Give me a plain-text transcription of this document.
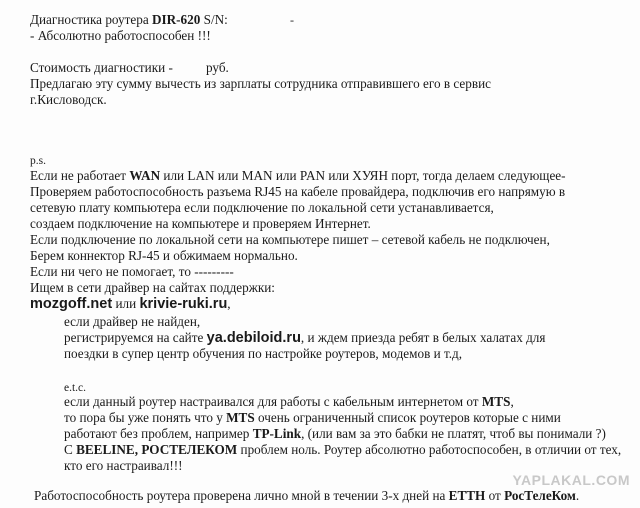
Диагностика роутера DIR-620 S/N:	-
- Абсолютно работоспособен !!!
Стоимость диагностики -	руб.
Предлагаю эту сумму вычесть из зарплаты сотрудника отправившего его в сервис
г.Кисловодск.
p.s.
Если не работает WAN или LAN или MAN или PAN или ХУЯН порт, тогда делаем следующее-
Проверяем работоспособность разъема RJ45 на кабеле провайдера, подключив его напрямую в
сетевую плату компьютера если подключение по локальной сети устанавливается,
создаем подключение на компьютере и проверяем Интернет.
Если подключение по локальной сети на компьютере пишет – сетевой кабель не подключен,
Берем коннектор RJ-45 и обжимаем нормально.
Если ни чего не помогает, то ---------
Ищем в сети драйвер на сайтах поддержки:
mozgoff.net или krivie-ruki.ru,
если драйвер не найден,
регистрируемся на сайте ya.debiloid.ru, и ждем приезда ребят в белых халатах для
поездки в супер центр обучения по настройке роутеров, модемов и т.д,
e.t.c.
если данный роутер настраивался для работы с кабельным интернетом от MTS,
то пора бы уже понять что у MTS очень ограниченный список роутеров которые с ними
работают без проблем, например TP-Link, (или вам за это бабки не платят, чтоб вы понимали ?)
С BEELINE, РОСТЕЛЕКОМ проблем ноль. Роутер абсолютно работоспособен, в отличии от тех,
кто его настраивал!!!
YAPLAKAL.COM
Работоспособность роутера проверена лично мной в течении 3-х дней на ЕТТН от РосТелеКом.
